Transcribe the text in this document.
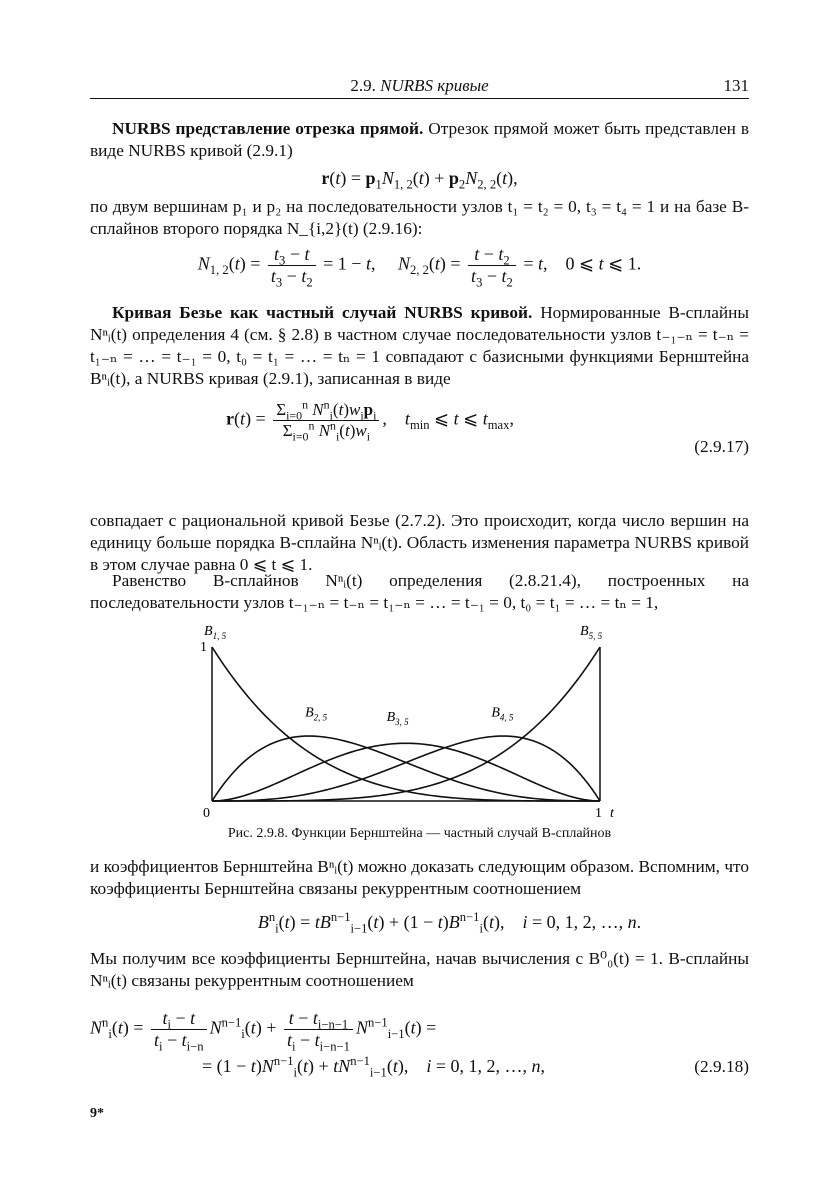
2.9. NURBS кривые	131
NURBS представление отрезка прямой. Отрезок прямой может быть представлен в виде NURBS кривой (2.9.1)
$r(t) = p_1N_{1, 2}(t) + p_2N_{2, 2}(t)$,
по двум вершинам p₁ и p₂ на последовательности узлов t₁ = t₂ = 0, t₃ = t₄ = 1 и на базе B-сплайнов второго порядка N_{i,2}(t) (2.9.16):
$N_{1, 2}(t) = \frac{t_3 - t}{t_3 - t_2} = 1 - t$,     $N_{2, 2}(t) = \frac{t - t_2}{t_3 - t_2} = t$,    0 ⩽ t ⩽ 1.
Кривая Безье как частный случай NURBS кривой. Нормированные B-сплайны Nⁿᵢ(t) определения 4 (см. § 2.8) в частном случае последовательности узлов t₋₁₋ₙ = t₋ₙ = t₁₋ₙ = … = t₋₁ = 0, t₀ = t₁ = … = tₙ = 1 совпадают с базисными функциями Бернштейна Bⁿᵢ(t), а NURBS кривая (2.9.1), записанная в виде
$r(t) = \frac{\Sigma_{i=0}^n N^n_i(t)w_ip_i}{\Sigma_{i=0}^n N^n_i(t)w_i}$ ,    $t_{min}$ ⩽ t ⩽ $t_{max}$,
(2.9.17)
совпадает с рациональной кривой Безье (2.7.2). Это происходит, когда число вершин на единицу больше порядка B-сплайна Nⁿᵢ(t). Область изменения параметра NURBS кривой в этом случае равна 0 ⩽ t ⩽ 1.
Равенство B-сплайнов Nⁿᵢ(t) определения (2.8.21.4), построенных на последовательности узлов t₋₁₋ₙ = t₋ₙ = t₁₋ₙ = … = t₋₁ = 0, t₀ = t₁ = … = tₙ = 1,
0	1 t
1
$B_{1, 5}$
$B_{2, 5}$	$B_{3, 5}$
$B_{4, 5}$
$B_{5, 5}$
Рис. 2.9.8. Функции Бернштейна — частный случай B-сплайнов
и коэффициентов Бернштейна Bⁿᵢ(t) можно доказать следующим образом. Вспомним, что коэффициенты Бернштейна связаны рекуррентным соотношением
$B^n_i(t) = tB^{n-1}_{i-1}(t) + (1 - t)B^{n-1}_i(t)$,    i = 0, 1, 2, …, n.
Мы получим все коэффициенты Бернштейна, начав вычисления с B⁰₀(t) = 1. B-сплайны Nⁿᵢ(t) связаны рекуррентным соотношением
$N^n_i(t) = \frac{t_i - t}{t_i - t_{i-n}} N^{n-1}_i(t) + \frac{t - t_{i-n-1}}{t_i - t_{i-n-1}} N^{n-1}_{i-1}(t)$ =
= $(1 - t)N^{n-1}_i(t) + tN^{n-1}_{i-1}(t)$,    i = 0, 1, 2, …, n,	(2.9.18)
9*
